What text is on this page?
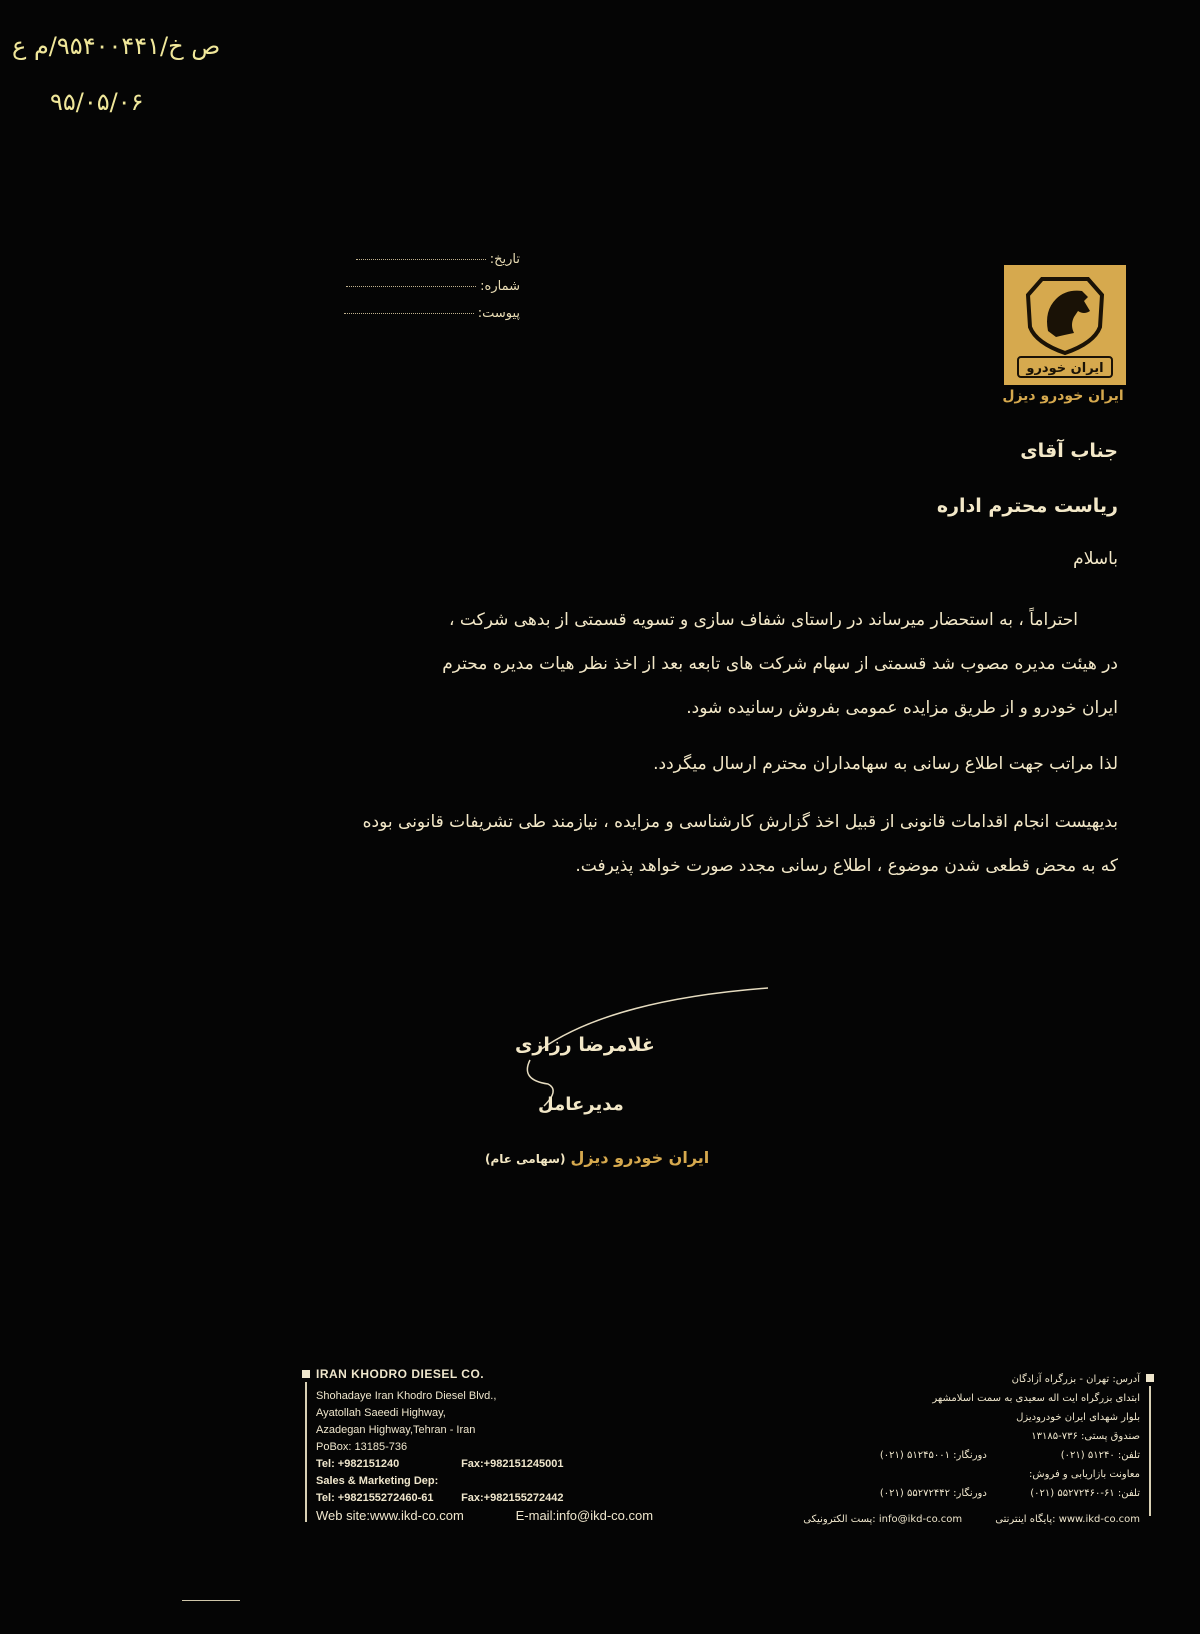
ص خ/۹۵۴۰۰۴۴۱/م ع
۹۵/۰۵/۰۶
تاریخ:
شماره:
پیوست:
ایران خودرو
ایران خودرو دیزل
جناب آقای
ریاست محترم اداره
باسلام

احتراماً ، به استحضار میرساند در راستای شفاف سازی و تسویه قسمتی از بدهی شرکت ،

در هیئت مدیره مصوب شد قسمتی از سهام شرکت های تابعه بعد از اخذ نظر هیات مدیره محترم

ایران خودرو و از طریق مزایده عمومی بفروش رسانیده شود.

لذا مراتب جهت اطلاع رسانی به سهامداران محترم ارسال میگردد.

بدیهیست انجام اقدامات قانونی از قبیل اخذ گزارش کارشناسی و مزایده ، نیازمند طی تشریفات قانونی بوده

که به محض قطعی شدن موضوع ، اطلاع رسانی مجدد صورت خواهد پذیرفت.

غلامرضا رزازی
مدیرعامل
ایران خودرو دیزل (سهامی عام)
IRAN KHODRO DIESEL CO.
Shohadaye Iran Khodro Diesel Blvd.,
Ayatollah Saeedi Highway,
Azadegan Highway,Tehran - Iran
PoBox: 13185-736
Tel: +982151240	Fax:+982151245001
Sales & Marketing Dep:
Tel: +982155272460-61	Fax:+982155272442
Web site:www.ikd-co.com	E-mail:info@ikd-co.com
آدرس: تهران - بزرگراه آزادگان
ابتدای بزرگراه ایت اله سعیدی به سمت اسلامشهر
بلوار شهدای ایران خودرودیزل
صندوق پستی: ۷۳۶-۱۳۱۸۵
تلفن: ۵۱۲۴۰ (۰۲۱) دورنگار: ۵۱۲۴۵۰۰۱ (۰۲۱)
معاونت بازاریابی و فروش:
تلفن: ۶۱-۵۵۲۷۲۴۶۰ (۰۲۱) دورنگار: ۵۵۲۷۲۴۴۲ (۰۲۱)
www.ikd-co.com :پایگاه اینترنتی info@ikd-co.com :پست الکترونیکی
